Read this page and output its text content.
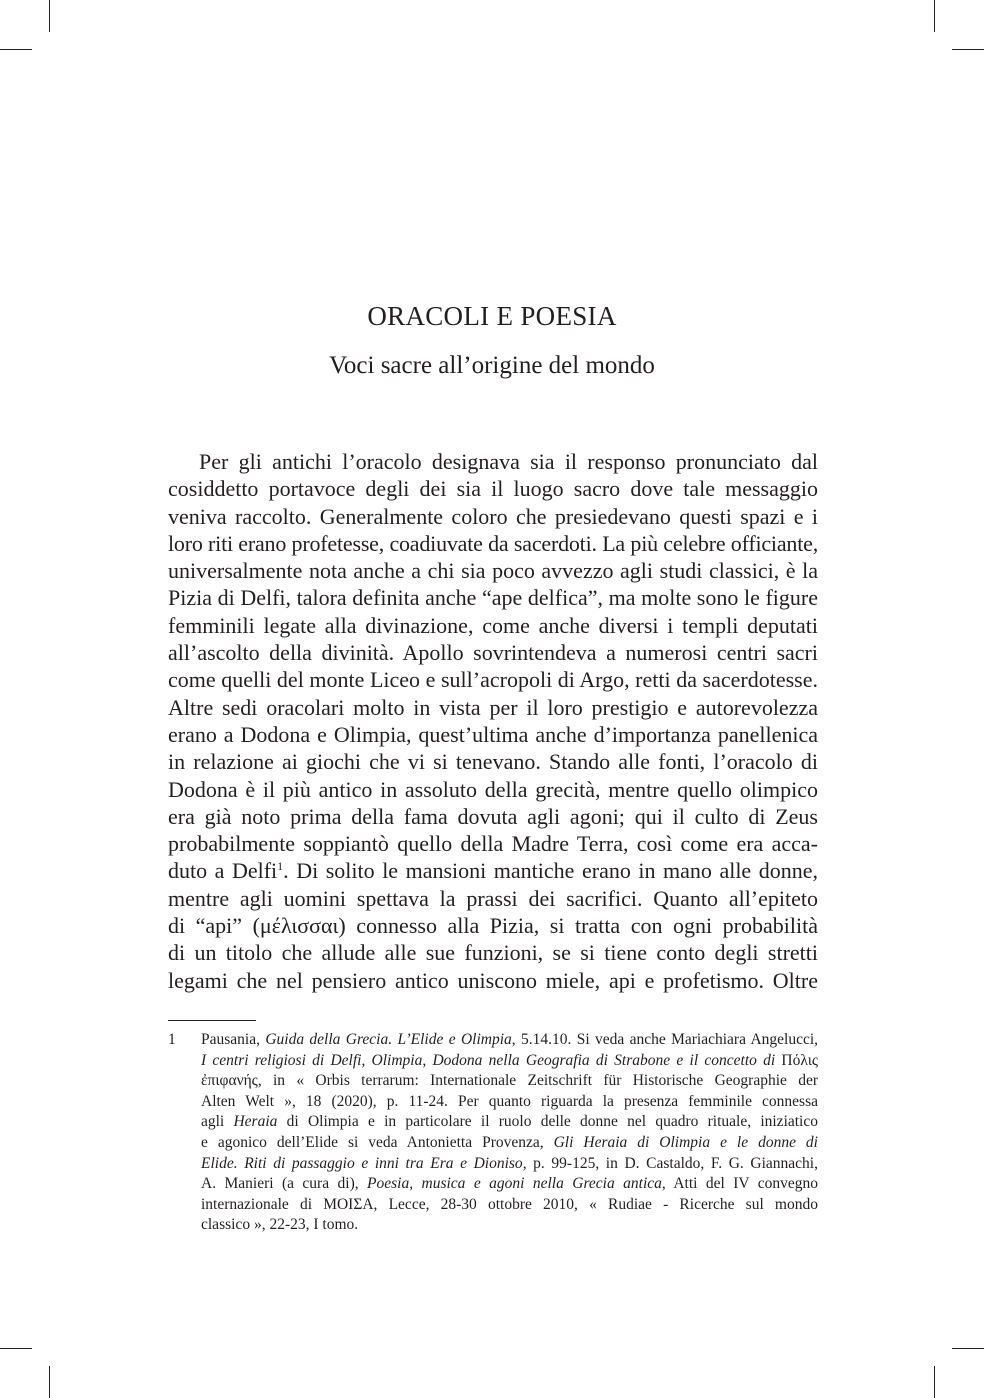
ORACOLI E POESIA
Voci sacre all’origine del mondo
Per gli antichi l’oracolo designava sia il responso pronunciato dal
cosiddetto portavoce degli dei sia il luogo sacro dove tale messaggio
veniva raccolto. Generalmente coloro che presiedevano questi spazi e i
loro riti erano profetesse, coadiuvate da sacerdoti. La più celebre officiante,
universalmente nota anche a chi sia poco avvezzo agli studi classici, è la
Pizia di Delfi, talora definita anche “ape delfica”, ma molte sono le figure
femminili legate alla divinazione, come anche diversi i templi deputati
all’ascolto della divinità. Apollo sovrintendeva a numerosi centri sacri
come quelli del monte Liceo e sull’acropoli di Argo, retti da sacerdotesse.
Altre sedi oracolari molto in vista per il loro prestigio e autorevolezza
erano a Dodona e Olimpia, quest’ultima anche d’importanza panellenica
in relazione ai giochi che vi si tenevano. Stando alle fonti, l’oracolo di
Dodona è il più antico in assoluto della grecità, mentre quello olimpico
era già noto prima della fama dovuta agli agoni; qui il culto di Zeus
probabilmente soppiantò quello della Madre Terra, così come era acca-
duto a Delfi$^1$. Di solito le mansioni mantiche erano in mano alle donne,
mentre agli uomini spettava la prassi dei sacrifici. Quanto all’epiteto
di “api” (μέλισσαι) connesso alla Pizia, si tratta con ogni probabilità
di un titolo che allude alle sue funzioni, se si tiene conto degli stretti
legami che nel pensiero antico uniscono miele, api e profetismo. Oltre
1 Pausania, Guida della Grecia. L’Elide e Olimpia, 5.14.10. Si veda anche Mariachiara Angelucci,
I centri religiosi di Delfi, Olimpia, Dodona nella Geografia di Strabone e il concetto di Πόλις
ἐπιφανής, in « Orbis terrarum: Internationale Zeitschrift für Historische Geographie der
Alten Welt », 18 (2020), p. 11-24. Per quanto riguarda la presenza femminile connessa
agli Heraia di Olimpia e in particolare il ruolo delle donne nel quadro rituale, iniziatico
e agonico dell’Elide si veda Antonietta Provenza, Gli Heraia di Olimpia e le donne di
Elide. Riti di passaggio e inni tra Era e Dioniso, p. 99-125, in D. Castaldo, F. G. Giannachi,
A. Manieri (a cura di), Poesia, musica e agoni nella Grecia antica, Atti del IV convegno
internazionale di ΜΟΙΣΑ, Lecce, 28-30 ottobre 2010, « Rudiae - Ricerche sul mondo
classico », 22-23, I tomo.
